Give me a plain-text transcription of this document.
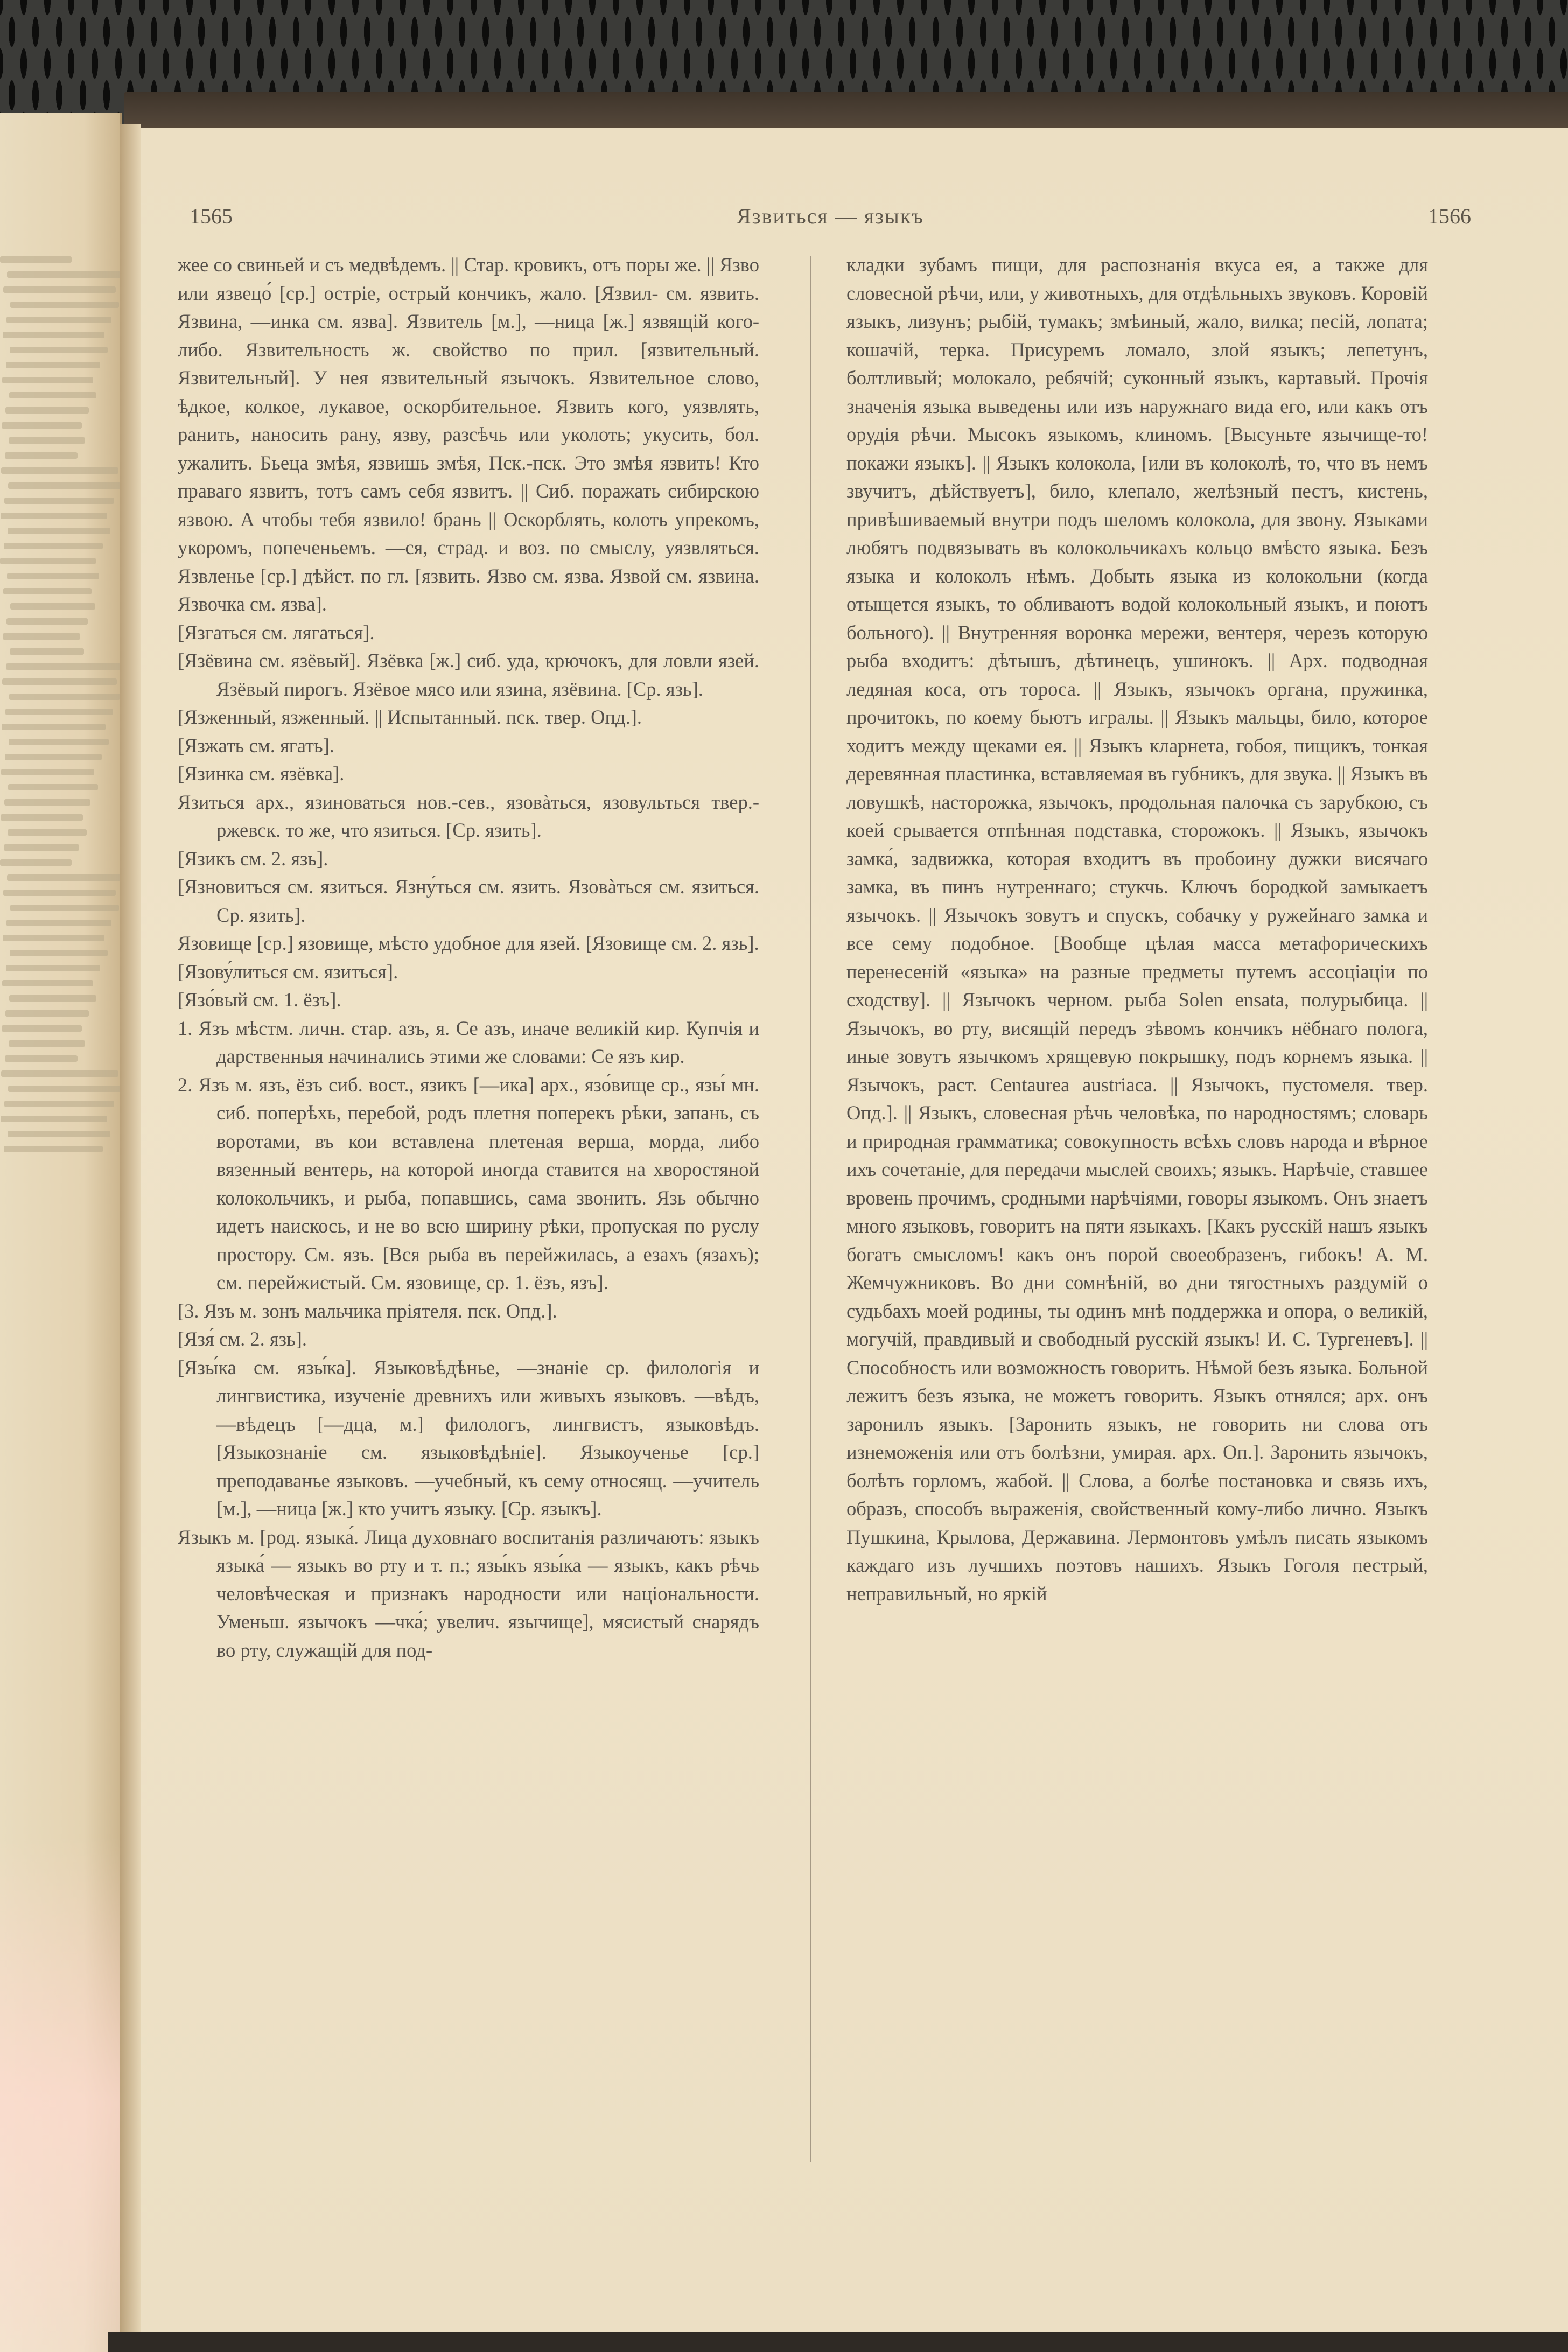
1565	Язвиться — языкъ	1566

жее со свиньей и съ медвѣдемъ. || Стар. кровикъ, отъ поры же. || Язво или язвецо́ [ср.] остріе, острый кончикъ, жало. [Язвил- см. язвить. Язвина, —инка см. язва]. Язвитель [м.], —ница [ж.] язвящій кого-либо. Язвительность ж. свойство по прил. [язвительный. Язвительный]. У нея язвительный язычокъ. Язвительное слово, ѣдкое, колкое, лукавое, оскорбительное. Язвить кого, уязвлять, ранить, наносить рану, язву, разсѣчь или уколоть; укусить, бол. ужалить. Бьеца змѣя, язвишь змѣя, Пск.-пск. Это змѣя язвить! Кто праваго язвить, тотъ самъ себя язвитъ. || Сиб. поражать сибирскою язвою. А чтобы тебя язвило! брань || Оскорблять, колоть упрекомъ, укоромъ, попеченьемъ. —ся, страд. и воз. по смыслу, уязвляться. Язвленье [ср.] дѣйст. по гл. [язвить. Язво см. язва. Язвой см. язвина. Язвочка см. язва].

[Язгаться см. лягаться].

[Язёвина см. язёвый]. Язёвка [ж.] сиб. уда, крючокъ, для ловли язей. Язёвый пирогъ. Язёвое мясо или язина, язёвина. [Ср. язь].

[Язженный, язженный. || Испытанный. пск. твер. Опд.].

[Язжать см. ягать].

[Язинка см. язёвка].

Язиться арх., язиноваться нов.-сев., язовàться, язовульться твер.-ржевск. то же, что язиться. [Ср. язить].

[Язикъ см. 2. язь].

[Язновиться см. язиться. Язну́ться см. язить. Язовàться см. язиться. Ср. язить].

Язовище [ср.] язовище, мѣсто удобное для язей. [Язовище см. 2. язь].

[Язову́литься см. язиться].

[Язо́вый см. 1. ёзъ].

1. Язъ мѣстм. личн. стар. азъ, я. Се азъ, иначе великій кир. Купчія и дарственныя начинались этими же словами: Се язъ кир.

2. Язъ м. язъ, ёзъ сиб. вост., язикъ [—ика] арх., язо́вище ср., язы́ мн. сиб. поперѣхь, перебой, родъ плетня поперекъ рѣки, запань, съ воротами, въ кои вставлена плетеная верша, морда, либо вязенный вентерь, на которой иногда ставится на хворостяной колокольчикъ, и рыба, попавшись, сама звонить. Язь обычно идетъ наискось, и не во всю ширину рѣки, пропуская по руслу простору. См. язъ. [Вся рыба въ перейжилась, а езахъ (язахъ); см. перейжистый. См. язовище, ср. 1. ёзъ, язъ].

[3. Язъ м. зонъ мальчика пріятеля. пск. Опд.].

[Язя́ см. 2. язь].

[Язы́ка см. язы́ка]. Языковѣдѣнье, —знаніе ср. филологія и лингвистика, изученіе древнихъ или живыхъ языковъ. —вѣдъ, —вѣдецъ [—дца, м.] филологъ, лингвистъ, языковѣдъ. [Языкознаніе см. языковѣдѣніе]. Языкоученье [ср.] преподаванье языковъ. —учебный, къ сему относящ. —учитель [м.], —ница [ж.] кто учитъ языку. [Ср. языкъ].

Языкъ м. [род. языка́. Лица духовнаго воспитанія различаютъ: языкъ языка́ — языкъ во рту и т. п.; язы́къ язы́ка — языкъ, какъ рѣчь человѣческая и признакъ народности или національности. Уменьш. язычокъ —чка́; увелич. язычище], мясистый снарядъ во рту, служащій для под-

кладки зубамъ пищи, для распознанія вкуса ея, а также для словесной рѣчи, или, у животныхъ, для отдѣльныхъ звуковъ. Коровій языкъ, лизунъ; рыбій, тумакъ; змѣиный, жало, вилка; песій, лопата; кошачій, терка. Присуремъ ломало, злой языкъ; лепетунъ, болтливый; молокало, ребячій; суконный языкъ, картавый. Прочія значенія языка выведены или изъ наружнаго вида его, или какъ отъ орудія рѣчи. Мысокъ языкомъ, клиномъ. [Высуньте язычище-то! покажи языкъ]. || Языкъ колокола, [или въ колоколѣ, то, что въ немъ звучитъ, дѣйствуетъ], било, клепало, желѣзный пестъ, кистень, привѣшиваемый внутри подъ шеломъ колокола, для звону. Языками любятъ подвязывать въ колокольчикахъ кольцо вмѣсто языка. Безъ языка и колоколъ нѣмъ. Добыть языка из колокольни (когда отыщется языкъ, то обливаютъ водой колокольный языкъ, и поютъ больного). || Внутренняя воронка мережи, вентеря, черезъ которую рыба входитъ: дѣтышъ, дѣтинецъ, ушинокъ. || Арх. подводная ледяная коса, отъ тороса. || Языкъ, язычокъ органа, пружинка, прочитокъ, по коему бьютъ игралы. || Языкъ мальцы, било, которое ходитъ между щеками ея. || Языкъ кларнета, гобоя, пищикъ, тонкая деревянная пластинка, вставляемая въ губникъ, для звука. || Языкъ въ ловушкѣ, насторожка, язычокъ, продольная палочка съ зарубкою, съ коей срывается отпѣнная подставка, сторожокъ. || Языкъ, язычокъ замка́, задвижка, которая входитъ въ пробоину дужки висячаго замка, въ пинъ нутреннаго; стукчь. Ключъ бородкой замыкаетъ язычокъ. || Язычокъ зовутъ и спускъ, собачку у ружейнаго замка и все сему подобное. [Вообще цѣлая масса метафорическихъ перенесеній «языка» на разные предметы путемъ ассоціаціи по сходству]. || Язычокъ черном. рыба Solen ensata, полурыбица. || Язычокъ, во рту, висящій передъ зѣвомъ кончикъ нёбнаго полога, иные зовутъ язычкомъ хрящевую покрышку, подъ корнемъ языка. || Язычокъ, раст. Centaurea austriaca. || Язычокъ, пустомеля. твер. Опд.]. || Языкъ, словесная рѣчь человѣка, по народностямъ; словарь и природная грамматика; совокупность всѣхъ словъ народа и вѣрное ихъ сочетаніе, для передачи мыслей своихъ; языкъ. Нарѣчіе, ставшее вровень прочимъ, сродными нарѣчіями, говоры языкомъ. Онъ знаетъ много языковъ, говоритъ на пяти языкахъ. [Какъ русскій нашъ языкъ богатъ смысломъ! какъ онъ порой своеобразенъ, гибокъ! А. М. Жемчужниковъ. Во дни сомнѣній, во дни тягостныхъ раздумій о судьбахъ моей родины, ты одинъ мнѣ поддержка и опора, о великій, могучій, правдивый и свободный русскій языкъ! И. С. Тургеневъ]. || Способность или возможность говорить. Нѣмой безъ языка. Больной лежитъ безъ языка, не можетъ говорить. Языкъ отнялся; арх. онъ заронилъ языкъ. [Заронить языкъ, не говорить ни слова отъ изнеможенія или отъ болѣзни, умирая. арх. Оп.]. Заронить язычокъ, болѣть горломъ, жабой. || Слова, а болѣе постановка и связь ихъ, образъ, способъ выраженія, свойственный кому-либо лично. Языкъ Пушкина, Крылова, Державина. Лермонтовъ умѣлъ писать языкомъ каждаго изъ лучшихъ поэтовъ нашихъ. Языкъ Гоголя пестрый, неправильный, но яркій
